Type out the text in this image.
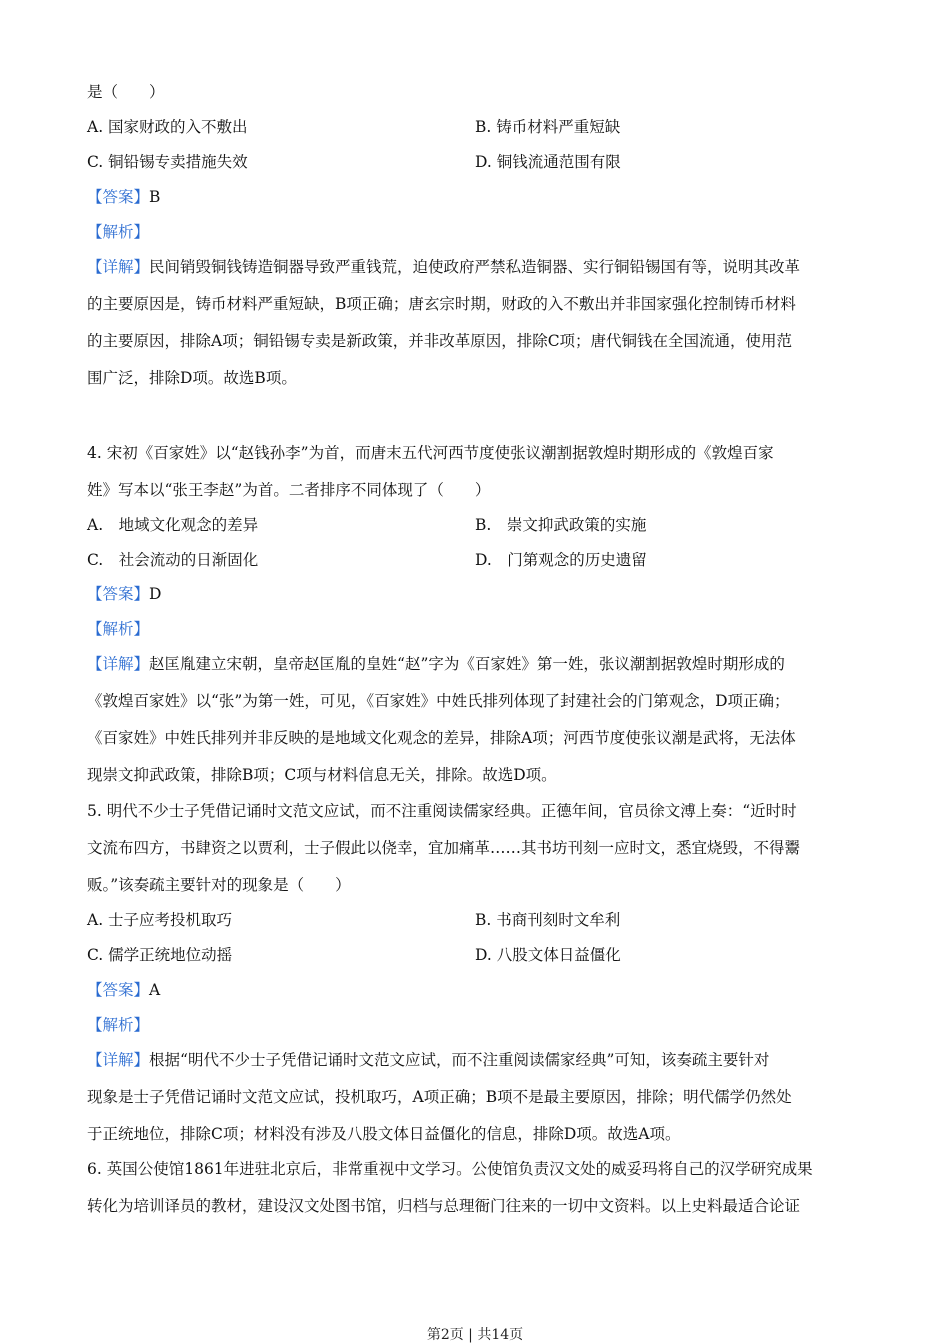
是（　　）
A. 国家财政的入不敷出	B. 铸币材料严重短缺
C. 铜铅锡专卖措施失效	D. 铜钱流通范围有限
【答案】B
【解析】
【详解】民间销毁铜钱铸造铜器导致严重钱荒，迫使政府严禁私造铜器、实行铜铅锡国有等，说明其改革
的主要原因是，铸币材料严重短缺，B项正确；唐玄宗时期，财政的入不敷出并非国家强化控制铸币材料
的主要原因，排除A项；铜铅锡专卖是新政策，并非改革原因，排除C项；唐代铜钱在全国流通，使用范
围广泛，排除D项。故选B项。
4. 宋初《百家姓》以“赵钱孙李”为首，而唐末五代河西节度使张议潮割据敦煌时期形成的《敦煌百家
姓》写本以“张王李赵”为首。二者排序不同体现了（　　）
A.　地域文化观念的差异	B.　崇文抑武政策的实施
C.　社会流动的日渐固化	D.　门第观念的历史遗留
【答案】D
【解析】
【详解】赵匡胤建立宋朝，皇帝赵匡胤的皇姓“赵”字为《百家姓》第一姓，张议潮割据敦煌时期形成的
《敦煌百家姓》以“张”为第一姓，可见，《百家姓》中姓氏排列体现了封建社会的门第观念，D项正确；
《百家姓》中姓氏排列并非反映的是地域文化观念的差异，排除A项；河西节度使张议潮是武将，无法体
现崇文抑武政策，排除B项；C项与材料信息无关，排除。故选D项。
5. 明代不少士子凭借记诵时文范文应试，而不注重阅读儒家经典。正德年间，官员徐文溥上奏：“近时时
文流布四方，书肆资之以贾利，士子假此以侥幸，宜加痛革……其书坊刊刻一应时文，悉宜烧毁，不得鬻
贩。”该奏疏主要针对的现象是（　　）
A. 士子应考投机取巧	B. 书商刊刻时文牟利
C. 儒学正统地位动摇	D. 八股文体日益僵化
【答案】A
【解析】
【详解】根据“明代不少士子凭借记诵时文范文应试，而不注重阅读儒家经典”可知，该奏疏主要针对
现象是士子凭借记诵时文范文应试，投机取巧，A项正确；B项不是最主要原因，排除；明代儒学仍然处
于正统地位，排除C项；材料没有涉及八股文体日益僵化的信息，排除D项。故选A项。
6. 英国公使馆1861年进驻北京后，非常重视中文学习。公使馆负责汉文处的威妥玛将自己的汉学研究成果
转化为培训译员的教材，建设汉文处图书馆，归档与总理衙门往来的一切中文资料。以上史料最适合论证
第2页 | 共14页
